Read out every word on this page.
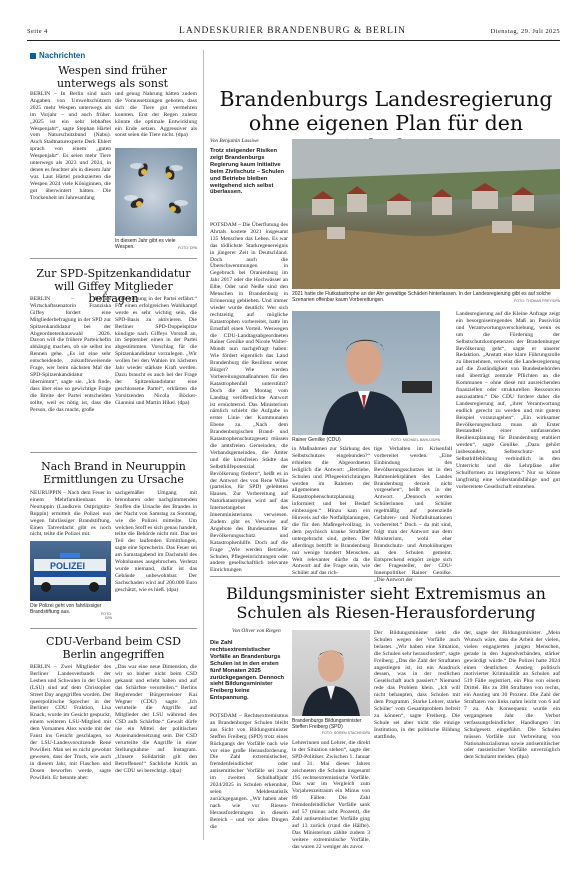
Seite 4	LANDESKURIER BRANDENBURG & BERLIN	Dienstag, 29. Juli 2025
Nachrichten
Wespen sind früher unterwegs als sonst

BERLIN – In Berlin sind nach Angaben von Umweltschützern 2025 mehr Wespen unterwegs als im Vorjahr – und auch früher. „2025 ist ein sehr lebhaftes Wespenjahr“, sagte Stephan Härtel vom Naturschutzbund (Nabu). Auch Stadtnaturexperte Derk Ehlert sprach von einem „guten Wespenjahr“. Es seien mehr Tiere unterwegs als 2023 und 2024, in denen es feuchter als in diesem Jahr war. Laut Härtel produzierten die Wespen 2024 viele Königinnen, die gut überwintert hätten. Die Trockenheit im Jahresanfang

und genug Nahrung hätten zudem die Voraussetzungen geboten, dass sich die Tiere gut vermehren konnten. Erst der Regen zuletzt könnte die optimale Entwicklung ein Ende setzen. Aggressiver als sonst seien die Tiere nicht. (dpa)

In diesem Jahr gibt es viele Wespen.	FOTO: DPA
Zur SPD-Spitzenkandidatur will Giffey Mitglieder befragen

BERLIN – Berlins Wirtschaftssenatorin Franziska Giffey fordert eine Mitgliederbefragung in der SPD zur Spitzenkandidatur bei der Abgeordnetenhauswahl 2026. Davon will die frühere Parteichefin abhängig machen, ob sie selbst ins Rennen gehe. „Es ist eine sehr entscheidende, zukunftsweisende Frage, wer beim nächsten Mal die SPD-Spitzenkandidatur übernimmt“, sagte sie. „Ich finde, dass über eine so gewichtige Frage die Breite der Partei entscheiden sollte, weil es nötig ist, dass die Person, die das macht, große

Unterstützung in der Partei erfährt.“ Für einen erfolgreichen Wahlkampf werde es sehr wichtig sein, die SPD-Basis zu aktivieren. Die Berliner SPD-Doppelspitze kündigte nach Giffeys Vorstoß an, im September einen in der Partei abgestimmten Vorschlag für die Spitzenkandidatur vorzulegen. „Wir wollen bei den Wahlen im nächsten Jahr wieder stärkste Kraft werden. Dazu braucht es auch bei der Frage der Spitzenkandidatur eine geschlossene Partei“, erklärten die Vorsitzenden Nicola Böcker-Giannini und Martin Hikel. (dpa)

Nach Brand in Neuruppin Ermittlungen zu Ursache

NEURUPPIN – Nach dem Feuer in einem Mehrfamilienhaus in Neuruppin (Landkreis Ostprignitz-Ruppin) ermittelt die Polizei nun wegen fahrlässiger Brandstiftung. Einen Tatverdacht gibt es noch nicht, teilte die Polizei mit.

POLIZEI
Die Polizei geht von fahrlässiger Brandstiftung aus.	FOTO: DPA

sachgemäßer Umgang mit brennbaren oder nachglimmenden Stoffen die Ursache des Brandes in der Nacht von Samstag zu Sonntag, wie die Polizei mitteilte. Um welchen Stoff es sich genau handelt, teilte die Behörde nicht mit. Das sei Teil der laufenden Ermittlungen, sagte eine Sprecherin. Das Feuer sei am Samstagabend im Dachstuhl des Wohnhauses ausgebrochen. Verletzt wurde niemand, dafür ist das Gebäude unbewohnbar. Der Sachschaden wird auf 200.000 Euro geschätzt, wie es hieß. (dpa)

CDU-Verband beim CSD Berlin angegriffen

BERLIN – Zwei Mitglieder des Berliner Landesverbands der Lesben und Schwulen in der Union (LSU) sind auf dem Christopher Street Day angegriffen worden. Der queerpolitische Sprecher in der Berliner CDU Fraktion, Lisa Knack, wurde im Gesicht gespuckt, einem weiteren LSU-Mitglied mit dem Vornamen Alex wurde mit der Faust ins Gesicht geschlagen, so der LSU-Landesvorsitzende René Powilleit. Man sei es nicht gewohnt gewesen, dass der Truck, wie auch in diesem Jahr, mit Flaschen und Dosen beworfen werde, sagte Powilleit. Er betonte aber:

„Das war eine neue Dimension, die wir so bisher nicht beim CSD gekannt und erlebt haben und auf das Schärfste verurteilen.“ Berlins Regierender Bürgermeister Kai Wegner (CDU) sagte: „Ich verurteile die Angriffe auf Mitglieder der LSU während des CSD aufs Schärfste.“ Gewalt dürfe nie ein Mittel der politischen Auseinandersetzung sein. Der CSD verurteilte die Angriffe in einer Stellungnahme auf Instagram. „Unsere Solidarität gilt den Betroffenen!“ Sachliche Kritik an der CDU sei berechtigt. (dpa)

Brandenburgs Landesregierung ohne eigenen Plan für den
Von Benjamin Lassiwe
Trotz steigender Risiken zeigt Brandenburgs Regierung kaum Initiative beim Zivilschutz – Schulen und Betriebe bleiben weitgehend sich selbst überlassen.
2021 hatte die Flutkatastrophe an der Ahr gewaltige Schäden hinterlassen. In der Landesregierung gibt es auf solche Szenarien offenbar kaum Vorbereitungen.	FOTO: THOMAS FREY/DPA

POTSDAM – Die Überflutung des Ahrtals kostete 2021 insgesamt 135 Menschen das Leben. Es war das tödlichste Starkregenereignis in jüngerer Zeit in Deutschland. Doch auch die Überschwemmungen in Gegebruch bei Oranienburg im Jahr 2017 oder die Hochwässer an Elbe, Oder und Neiße sind den Menschen in Brandenburg in Erinnerung geblieben. Und immer wieder wurde deutlich: Wer sich rechtzeitig auf mögliche Katastrophen vorbereitet, hatte im Ernstfall einen Vorteil. Weswegen die CDU-Landtagsabgeordneten Rainer Genilke und Nicole Walter-Mundt nun nachgefragt haben: Wie fördert eigentlich das Land Brandenburg die Resilienz seiner Bürger? Wie werden Vorbereitungsmaßnahmen für den Katastrophenfall unterstützt? Doch die am Montag vom Landtag veröffentlichte Antwort ist ernüchternd. Das Ministerium nämlich schiebt die Aufgabe in erster Linie der Kommunalen Ebene zu. „Nach dem Brandenburgischen Brand- und Katastrophenschutzgesetz müssen die amtsfreien Gemeinden, die Verbandsgemeinden, die Ämter und die kreisfreien Städte das Selbsthilfepotenzial der Bevölkerung fördern“, heißt es in der Antwort des von Rene Wilke (parteilos, für SPD) geleiteten Hauses. Zur Vorbereitung auf Naturkatastrophen wird auf das Internetangebot des Innenministeriums verwiesen. Zudem gibt es Verweise auf Angebote des Bundesamtes für Bevölkerungsschutz und Katastrophenhilfe. Doch auf die Frage „Wie werden Betriebe, Schulen, Pflegeeinrichtungen oder andere gesellschaftlich relevante Einrichtungen

Rainer Genilke (CDU)	FOTO: MICHAEL BAHLO/DPA

in Maßnahmen zur Stärkung des Selbstschutzes eingebunden?“ erhielten die Abgeordneten lediglich die Antwort: „Betriebe, Schulen und Pflegeeinrichtungen werden im Rahmen der allgemeinen Katastrophenschutzplanung informiert und bei Bedarf einbezogen.“ Hinzu kam ein Hinweis auf die Notfallplanungen, die für den Maßregelvollzug, in dem psychisch kranke Straftäter untergebracht sind, gelten. Der allerdings betrifft in Brandenburg nur wenige hundert Menschen. Weit relevanter dürfte da die Antwort auf die Frage sein, wie Schüler auf das rich-

tige Verhalten im Krisenfall vorbereitet werden. „Eine Einbindung des Bevölkerungsschutzes ist in den Rahmenlehrplänen des Landes Brandenburg derzeit nicht vorgesehen“, heißt es in der Antwort. „Dennoch werden Schülerinnen und Schüler regelmäßig auf potenzielle Gefahren- und Notfallsituationen vorbereitet.“ Doch – da mit sind, folgt man der Antwort aus dem Ministerium, wohl eher Brandschutz- und Amokübungen an den Schulen gemeint. Entsprechend empört zeigte sich der Fragesteller, der CDU-Innenpolitiker Rainer Genilke. „Die Antwort der

Landesregierung auf die Kleine Anfrage zeigt ein besorgniserregendes Maß an Passivität und Verantwortungsverschiebung, wenn es um die Förderung der Selbstschutzkompetenzen der Brandenburger Bevölkerung geht“, sagte er unserer Redaktion. „Anstatt eine klare Führungsrolle zu übernehmen, verweist die Landesregierung auf die Zuständigkeit von Bundesbehörden und überträgt zentrale Pflichten an die Kommunen – ohne diese mit ausreichenden finanziellen oder strukturellen Ressourcen auszustatten.“ Die CDU fordere daher die Landesregierung auf, „ihrer Verantwortung endlich gerecht zu werden und mit gutem Beispiel voranzugehen“. „Ein wirksamer Bevölkerungsschutz muss ab Erster Bestandteil einer umfassenden Resilienzplanung für Brandenburg etabliert werden“, sagte Genilke. „Dazu gehört insbesondere, Selbstschutz- und Selbsthilfebildung verbindlich in den Unterricht und die Lehrpläne aller Schulformen zu integrieren.“ Nur so könne langfristig eine widerstandsfähige und gut vorbereitete Gesellschaft entstehen.

Bildungsminister sieht Extremismus an Schulen als Riesen-Herausforderung
Von Oliver von Riegen
Die Zahl rechtsextremistischer Vorfälle an Brandenburgs Schulen ist in den ersten fünf Monaten 2025 zurückgegangen. Dennoch sieht Bildungsminister Freiberg keine Entspannung.

POTSDAM – Rechtsextremismus an Brandenburger Schulen bleibt aus Sicht von Bildungsminister Steffen Freiberg (SPD) trotz eines Rückgangs der Vorfälle nach wie vor eine große Herausforderung. Die Zahl extremistischer, fremdenfeindlicher oder antisemitischer Vorfälle sei zwar im zweiten Schulhalbjahr 2024/2025 in Schulen erkennbar, seien Meldestatistik zurückgegangen. „Wir haben aber nach wie vor Riesen-Herausforderungen in diesem Bereich – und vor allen Dingen die

Brandenburgs Bildungsminister Steffen Freiberg (SPD)
FOTO: SÖREN STACHE/DPA

Lehrerinnen und Lehrer, die direkt in der Situation stehen“, sagte der SPD-Politiker. Zwischen 1. Januar und 31. Mai dieses Jahres zeichneten die Schulen insgesamt 195 rechtsextremistische Vorfälle. Das war im Vergleich zum Vorjahreszeitraum ein Minus von 89 Fällen. Die Zahl fremdenfeindlicher Vorfälle sank auf 57 (minus acht Prozent), die Zahl antisemitischer Vorfälle ging auf 13 zurück (rund die Hälfte). Das Ministerium zählte zudem 3 weitere extremistische Vorfälle, das waren 22 weniger als zuvor.

Der Bildungsminister sieht die Schulen wegen der Vorfälle auch belastet. „Wir haben eine Situation, die Schulen sehr herausfordert“, sagte Freiberg. „Das die Zahl der Straftaten angestiegen ist, ist ein Ausdruck dessen, was in der restlichen Gesellschaft auch passiert.“ Niemand rede das Problem klein. „Ich will nicht behaupten, dass Schulen mit dem Programm ‚Starke Lehrer, starke Schüler‘ vom Gesamtproblem befreit zu können“, sagte Freiberg. Die Schule sei aber nicht die einzige Institution, in der politische Bildung stattfinde,

der, sagte der Bildungsminister. „Mein Wunsch wäre, dass die Arbeit der vielen, vielen engagierten jungen Menschen, gerade in den Jugendverbänden, stärker gewürdigt würde.“ Die Polizei hatte 2024 einen deutlichen Anstieg politisch motivierter Kriminalität an Schulen auf 519 Fälle registriert, ein Plus von einem Drittel. Bis zu 398 Straftaten von rechts, ein Anstieg um 30 Prozent. Die Zahl der Straftaten von links nahm leicht von 6 auf 7 zu. Als Konsequenz wurde ein vergangenen Jahr die Verbot verfassungsfeindlicher Handlungen im Schulgesetz eingeführt. Die Schulen müssen Vorfälle zur Verbreitung von Nationalsozialismus sowie antisemitischer oder rassistischer Vorfälle unverzüglich dem Schulamt melden. (dpa)
